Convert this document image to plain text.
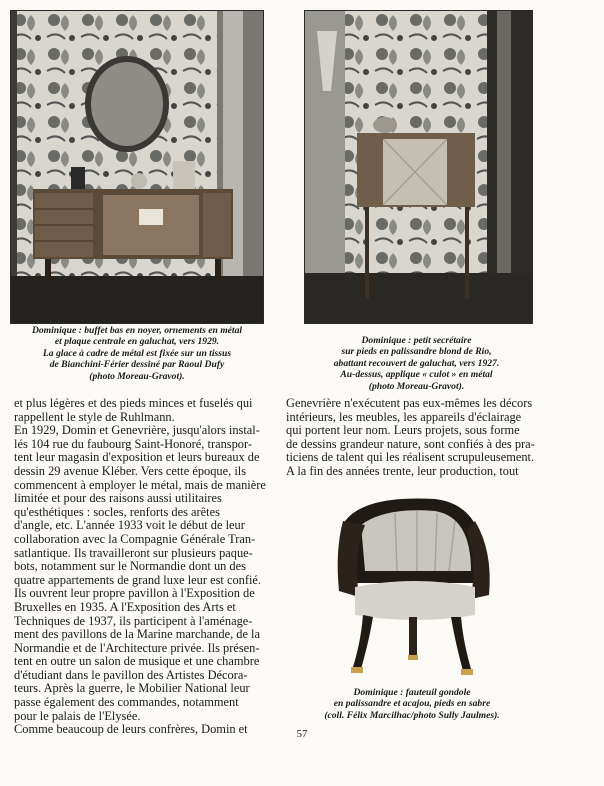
Dominique : buffet bas en noyer, ornements en métal
et plaque centrale en galuchat, vers 1929.
La glace à cadre de métal est fixée sur un tissus
de Bianchini-Férier dessiné par Raoul Dufy
(photo Moreau-Gravot).

Dominique : petit secrétaire
sur pieds en palissandre blond de Rio,
abattant recouvert de galuchat, vers 1927.
Au-dessus, applique « culot » en métal
(photo Moreau-Gravot).

Dominique : fauteuil gondole
en palissandre et acajou, pieds en sabre
(coll. Félix Marcilhac/photo Sully Jaulmes).

et plus légères et des pieds minces et fuselés qui
rappellent le style de Ruhlmann.
En 1929, Domin et Genevrière, jusqu'alors instal-
lés 104 rue du faubourg Saint-Honoré, transpor-
tent leur magasin d'exposition et leurs bureaux de
dessin 29 avenue Kléber. Vers cette époque, ils
commencent à employer le métal, mais de manière
limitée et pour des raisons aussi utilitaires
qu'esthétiques : socles, renforts des arêtes
d'angle, etc. L'année 1933 voit le début de leur
collaboration avec la Compagnie Générale Tran-
satlantique. Ils travailleront sur plusieurs paque-
bots, notamment sur le Normandie dont un des
quatre appartements de grand luxe leur est confié.
Ils ouvrent leur propre pavillon à l'Exposition de
Bruxelles en 1935. A l'Exposition des Arts et
Techniques de 1937, ils participent à l'aménage-
ment des pavillons de la Marine marchande, de la
Normandie et de l'Architecture privée. Ils présen-
tent en outre un salon de musique et une chambre
d'étudiant dans le pavillon des Artistes Décora-
teurs. Après la guerre, le Mobilier National leur
passe également des commandes, notamment
pour le palais de l'Elysée.
Comme beaucoup de leurs confrères, Domin et

Genevrière n'exécutent pas eux-mêmes les décors
intérieurs, les meubles, les appareils d'éclairage
qui portent leur nom. Leurs projets, sous forme
de dessins grandeur nature, sont confiés à des pra-
ticiens de talent qui les réalisent scrupuleusement.
A la fin des années trente, leur production, tout

57
